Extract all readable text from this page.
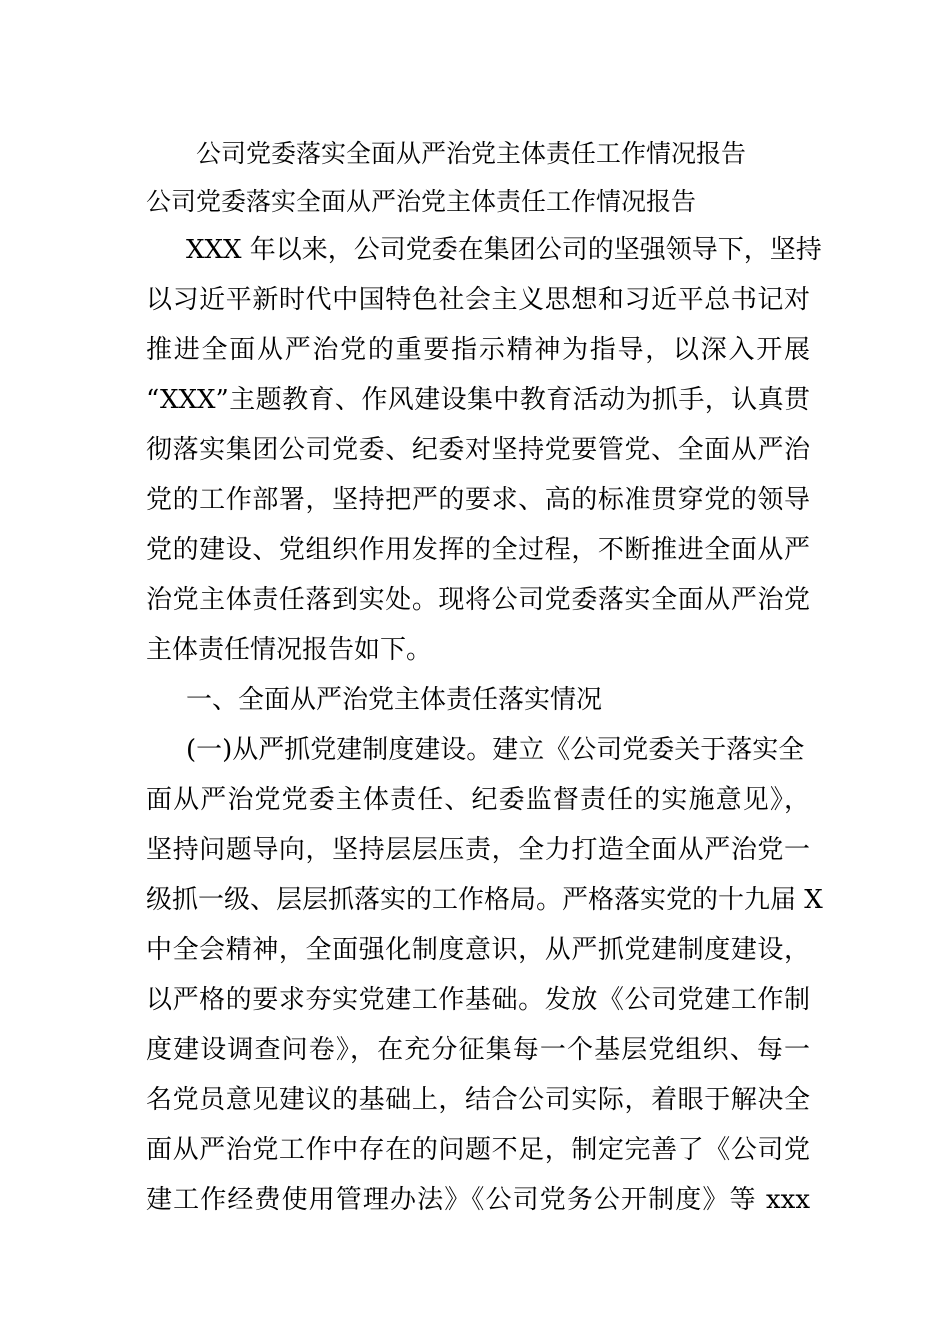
公司党委落实全面从严治党主体责任工作情况报告
公司党委落实全面从严治党主体责任工作情况报告
XXX 年以来，公司党委在集团公司的坚强领导下，坚持
以习近平新时代中国特色社会主义思想和习近平总书记对
推进全面从严治党的重要指示精神为指导，以深入开展
“XXX”主题教育、作风建设集中教育活动为抓手，认真贯
彻落实集团公司党委、纪委对坚持党要管党、全面从严治
党的工作部署，坚持把严的要求、高的标准贯穿党的领导
党的建设、党组织作用发挥的全过程，不断推进全面从严
治党主体责任落到实处。现将公司党委落实全面从严治党
主体责任情况报告如下。
一、全面从严治党主体责任落实情况
(一)从严抓党建制度建设。建立《公司党委关于落实全
面从严治党党委主体责任、纪委监督责任的实施意见》，
坚持问题导向，坚持层层压责，全力打造全面从严治党一
级抓一级、层层抓落实的工作格局。严格落实党的十九届 X
中全会精神，全面强化制度意识，从严抓党建制度建设，
以严格的要求夯实党建工作基础。发放《公司党建工作制
度建设调查问卷》，在充分征集每一个基层党组织、每一
名党员意见建议的基础上，结合公司实际，着眼于解决全
面从严治党工作中存在的问题不足，制定完善了《公司党
建工作经费使用管理办法》《公司党务公开制度》等 xxx
